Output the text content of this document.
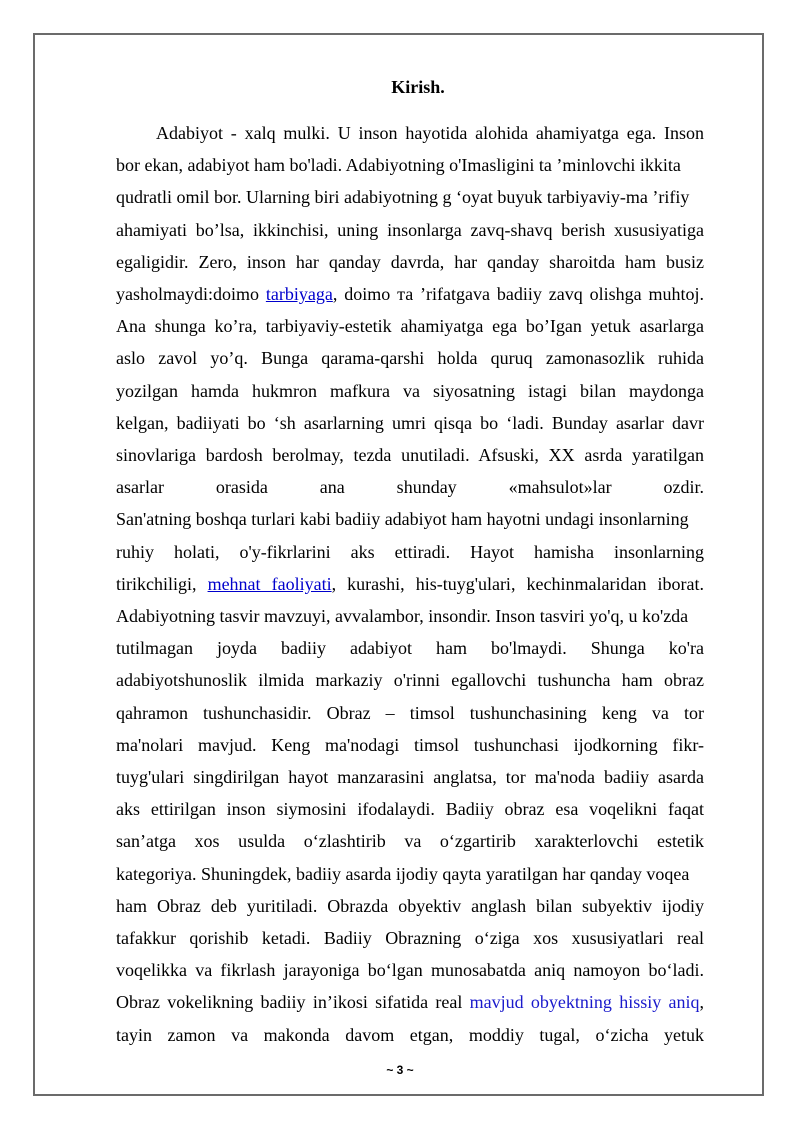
Kirish.
Adabiyot - xalq mulki. U inson hayotida alohida ahamiyatga ega. Inson
bor ekan, adabiyot ham bo'ladi. Adabiyotning o'Imasligini ta ’minlovchi ikkita
qudratli omil bor. Ularning biri adabiyotning g ‘oyat buyuk tarbiyaviy-ma ’rifiy
ahamiyati bo’lsa, ikkinchisi, uning insonlarga zavq-shavq berish xususiyatiga
egaligidir. Zero, inson har qanday davrda, har qanday sharoitda ham busiz
yasholmaydi:doimo tarbiyaga, doimo та ’rifatgava badiiy zavq olishga muhtoj.
Ana shunga ko’ra, tarbiyaviy-estetik ahamiyatga ega bo’Igan yetuk asarlarga
aslo zavol yo’q. Bunga qarama-qarshi holda quruq zamonasozlik ruhida
yozilgan hamda hukmron mafkura va siyosatning istagi bilan maydonga
kelgan, badiiyati bo ‘sh asarlarning umri qisqa bo ‘ladi. Bunday asarlar davr
sinovlariga bardosh berolmay, tezda unutiladi. Afsuski, XX asrda yaratilgan
asarlar orasida ana shunday «mahsulot»lar ozdir.
San'atning boshqa turlari kabi badiiy adabiyot ham hayotni undagi insonlarning
ruhiy holati, o'y-fikrlarini aks ettiradi. Hayot hamisha insonlarning
tirikchiligi, mehnat faoliyati, kurashi, his-tuyg'ulari, kechinmalaridan iborat.
Adabiyotning tasvir mavzuyi, avvalambor, insondir. Inson tasviri yo'q, u ko'zda
tutilmagan joyda badiiy adabiyot ham bo'lmaydi. Shunga ko'ra
adabiyotshunoslik ilmida markaziy o'rinni egallovchi tushuncha ham obraz
qahramon tushunchasidir. Obraz – timsol tushunchasining keng va tor
ma'nolari mavjud. Keng ma'nodagi timsol tushunchasi ijodkorning fikr-
tuyg'ulari singdirilgan hayot manzarasini anglatsa, tor ma'noda badiiy asarda
aks ettirilgan inson siymosini ifodalaydi. Badiiy obraz esa voqelikni faqat
san’atga xos usulda o‘zlashtirib va o‘zgartirib xarakterlovchi estetik
kategoriya. Shuningdek, badiiy asarda ijodiy qayta yaratilgan har qanday voqea
ham Obraz deb yuritiladi. Obrazda obyektiv anglash bilan subyektiv ijodiy
tafakkur qorishib ketadi. Badiiy Obrazning o‘ziga xos xususiyatlari real
voqelikka va fikrlash jarayoniga bo‘lgan munosabatda aniq namoyon bo‘ladi.
Obraz vokelikning badiiy in’ikosi sifatida real mavjud obyektning hissiy aniq,
tayin zamon va makonda davom etgan, moddiy tugal, o‘zicha yetuk
~ 3 ~
